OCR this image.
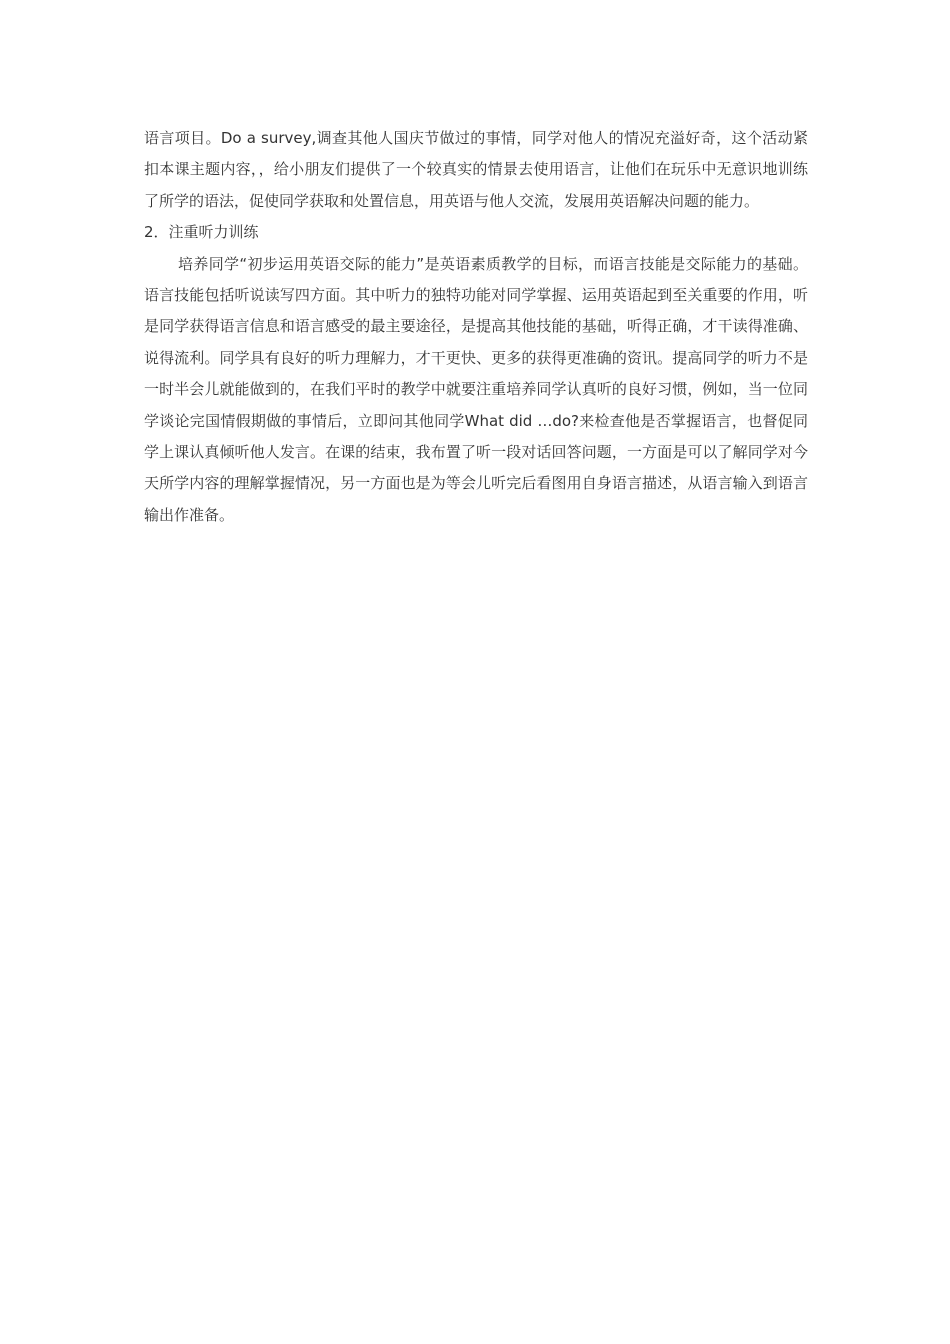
语言项目。Do a survey,调查其他人国庆节做过的事情，同学对他人的情况充溢好奇，这个活动紧扣本课主题内容，，给小朋友们提供了一个较真实的情景去使用语言，让他们在玩乐中无意识地训练了所学的语法，促使同学获取和处置信息，用英语与他人交流，发展用英语解决问题的能力。

2．注重听力训练

培养同学“初步运用英语交际的能力”是英语素质教学的目标，而语言技能是交际能力的基础。语言技能包括听说读写四方面。其中听力的独特功能对同学掌握、运用英语起到至关重要的作用，听是同学获得语言信息和语言感受的最主要途径，是提高其他技能的基础，听得正确，才干读得准确、说得流利。同学具有良好的听力理解力，才干更快、更多的获得更准确的资讯。提高同学的听力不是一时半会儿就能做到的，在我们平时的教学中就要注重培养同学认真听的良好习惯，例如，当一位同学谈论完国情假期做的事情后，立即问其他同学What did …do?来检查他是否掌握语言，也督促同学上课认真倾听他人发言。在课的结束，我布置了听一段对话回答问题，一方面是可以了解同学对今天所学内容的理解掌握情况，另一方面也是为等会儿听完后看图用自身语言描述，从语言输入到语言输出作准备。
